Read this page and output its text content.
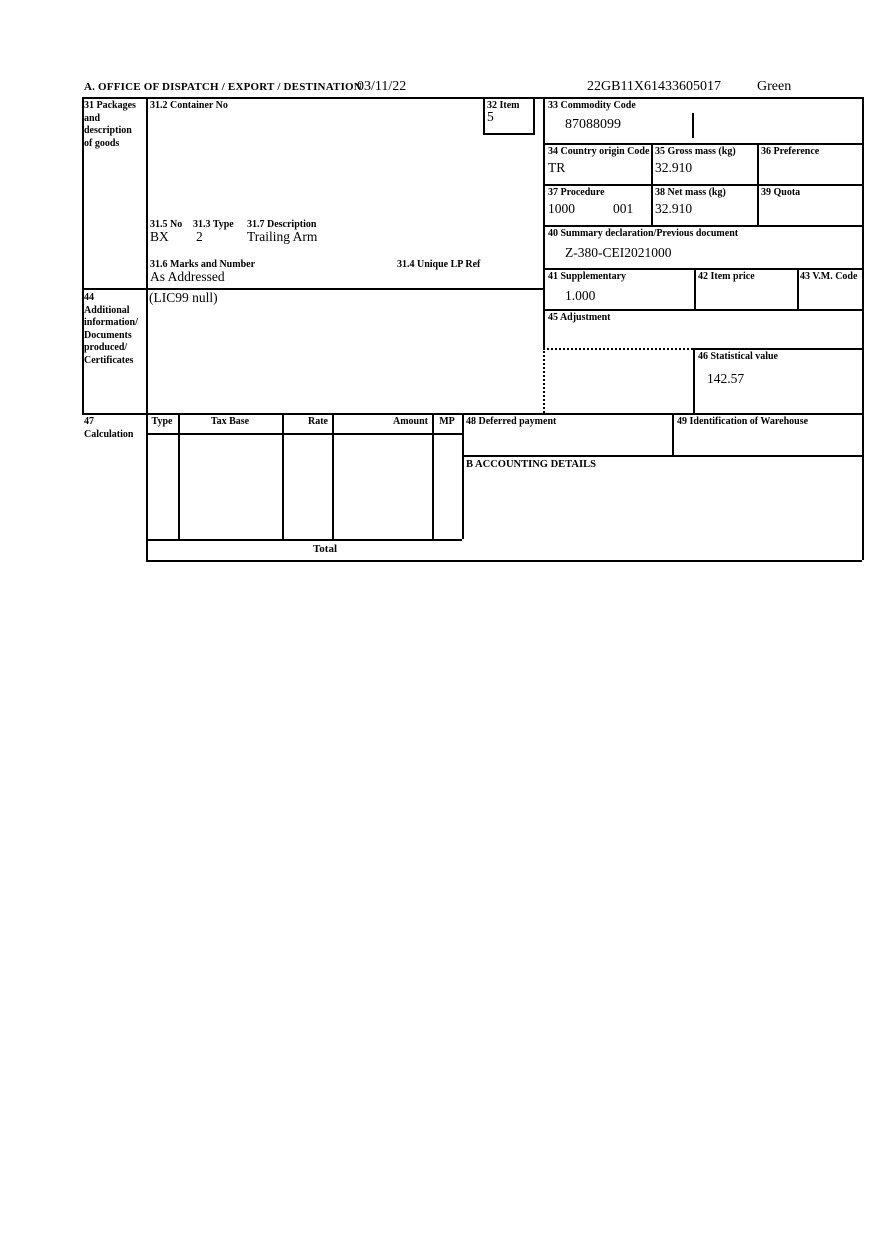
A. OFFICE OF DISPATCH / EXPORT / DESTINATION
03/11/22	22GB11X61433605017	Green
31 Packages and description of goods
31.2 Container No	32 Item
5
33 Commodity Code
87088099
34 Country origin Code
TR
35 Gross mass (kg)
32.910
36 Preference
37 Procedure
1000	001
38 Net mass (kg)
32.910
39 Quota
31.5 No 31.3 Type 31.7 Description
BX 2	Trailing Arm
31.6 Marks and Number	31.4 Unique LP Ref
As Addressed
40 Summary declaration/Previous document
Z-380-CEI2021000
41 Supplementary
1.000
42 Item price	43 V.M. Code
44 Additional information/ Documents produced/ Certificates
(LIC99 null)
45 Adjustment
46 Statistical value
142.57
47 Calculation
Type	Tax Base	Rate	Amount	MP
Total
48 Deferred payment	49 Identification of Warehouse
B ACCOUNTING DETAILS
